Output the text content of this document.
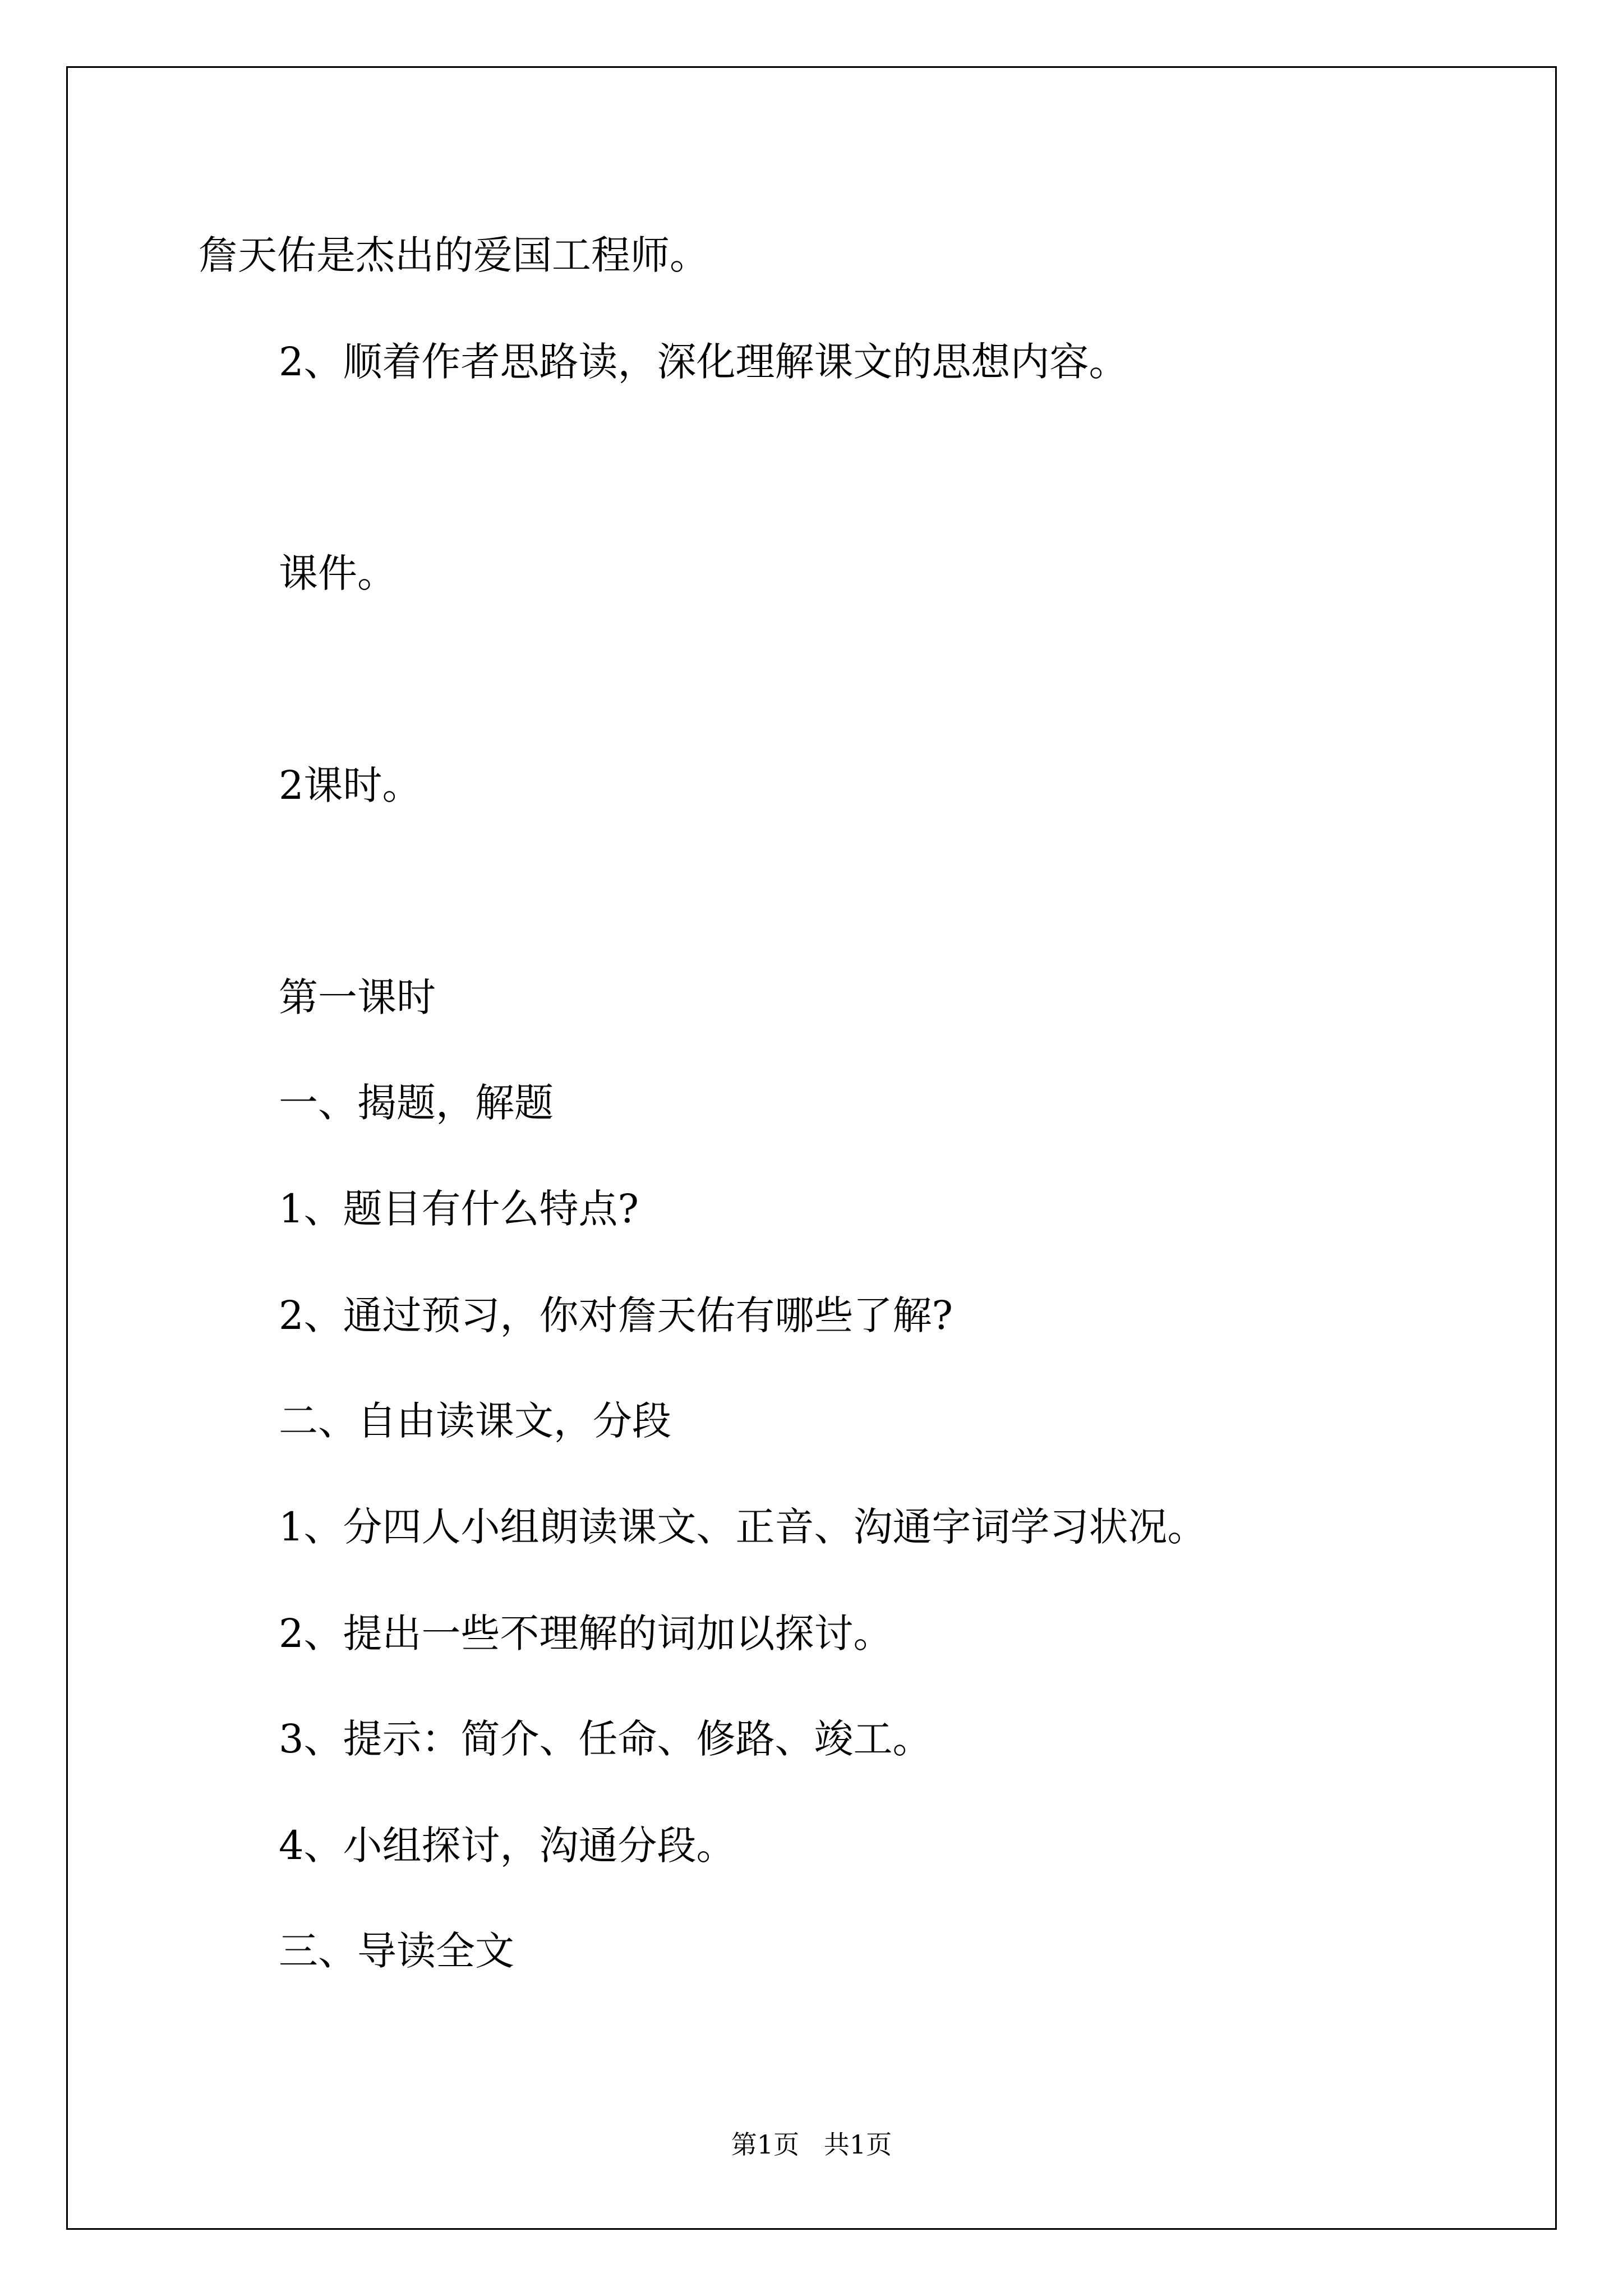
詹天佑是杰出的爱国工程师。

2、顺着作者思路读，深化理解课文的思想内容。

课件。

2课时。

第一课时

一、揭题，解题

1、题目有什么特点?

2、通过预习，你对詹天佑有哪些了解?

二、自由读课文，分段

1、分四人小组朗读课文、正音、沟通字词学习状况。

2、提出一些不理解的词加以探讨。

3、提示：简介、任命、修路、竣工。

4、小组探讨，沟通分段。

三、导读全文

第1页   共1页
